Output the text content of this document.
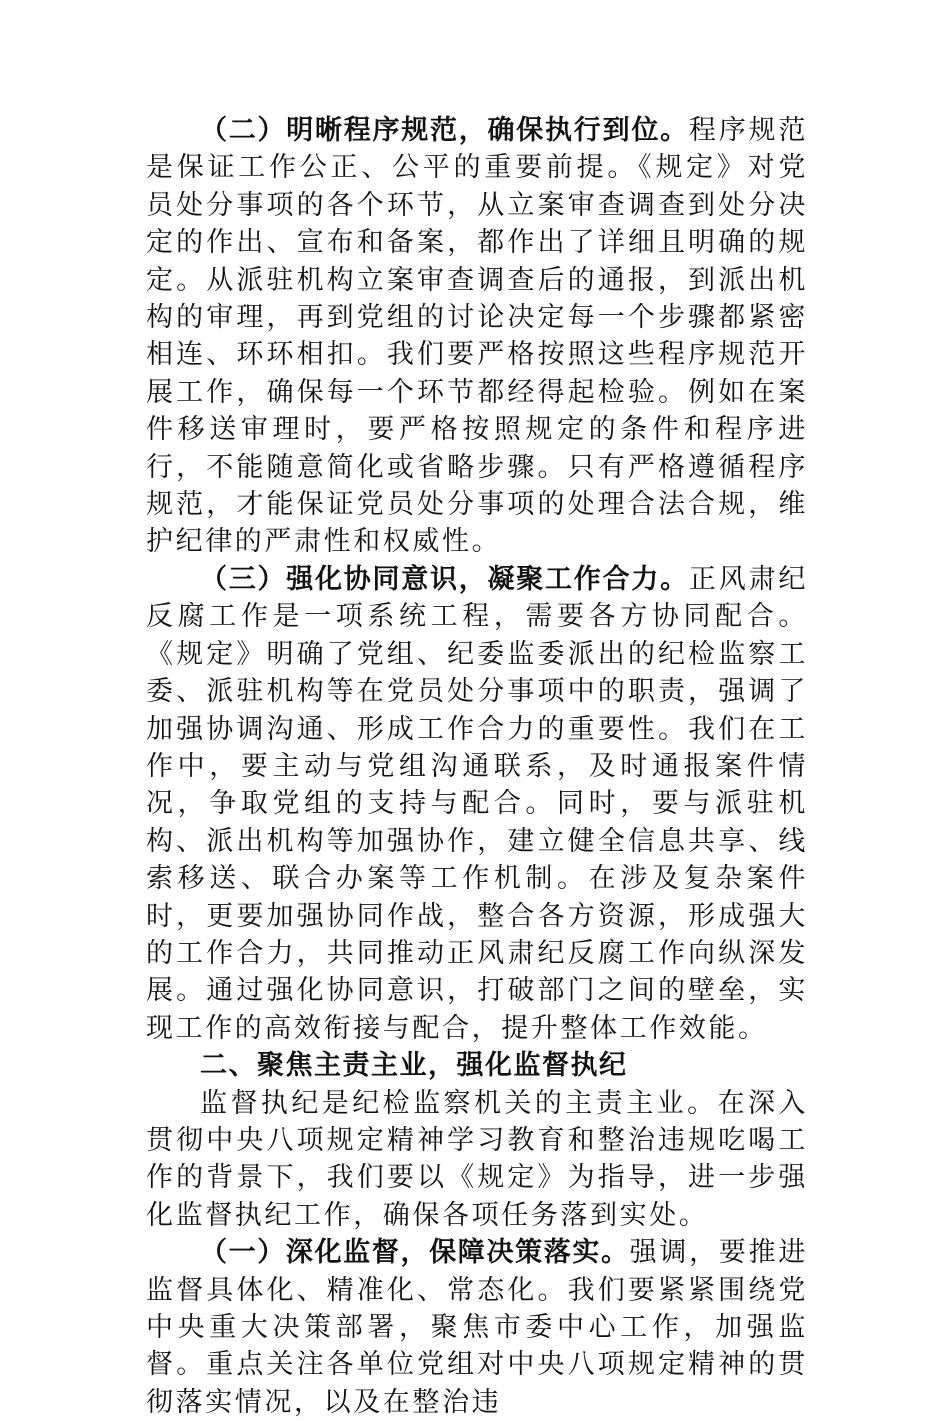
（二）明晰程序规范，确保执行到位。程序规范是保证工作公正、公平的重要前提。《规定》对党员处分事项的各个环节，从立案审查调查到处分决定的作出、宣布和备案，都作出了详细且明确的规定。从派驻机构立案审查调查后的通报，到派出机构的审理，再到党组的讨论决定每一个步骤都紧密相连、环环相扣。我们要严格按照这些程序规范开展工作，确保每一个环节都经得起检验。例如在案件移送审理时，要严格按照规定的条件和程序进行，不能随意简化或省略步骤。只有严格遵循程序规范，才能保证党员处分事项的处理合法合规，维护纪律的严肃性和权威性。

（三）强化协同意识，凝聚工作合力。正风肃纪反腐工作是一项系统工程，需要各方协同配合。《规定》明确了党组、纪委监委派出的纪检监察工委、派驻机构等在党员处分事项中的职责，强调了加强协调沟通、形成工作合力的重要性。我们在工作中，要主动与党组沟通联系，及时通报案件情况，争取党组的支持与配合。同时，要与派驻机构、派出机构等加强协作，建立健全信息共享、线索移送、联合办案等工作机制。在涉及复杂案件时，更要加强协同作战，整合各方资源，形成强大的工作合力，共同推动正风肃纪反腐工作向纵深发展。通过强化协同意识，打破部门之间的壁垒，实现工作的高效衔接与配合，提升整体工作效能。

二、聚焦主责主业，强化监督执纪

监督执纪是纪检监察机关的主责主业。在深入贯彻中央八项规定精神学习教育和整治违规吃喝工作的背景下，我们要以《规定》为指导，进一步强化监督执纪工作，确保各项任务落到实处。

（一）深化监督，保障决策落实。强调，要推进监督具体化、精准化、常态化。我们要紧紧围绕党中央重大决策部署，聚焦市委中心工作，加强监督。重点关注各单位党组对中央八项规定精神的贯彻落实情况，以及在整治违
